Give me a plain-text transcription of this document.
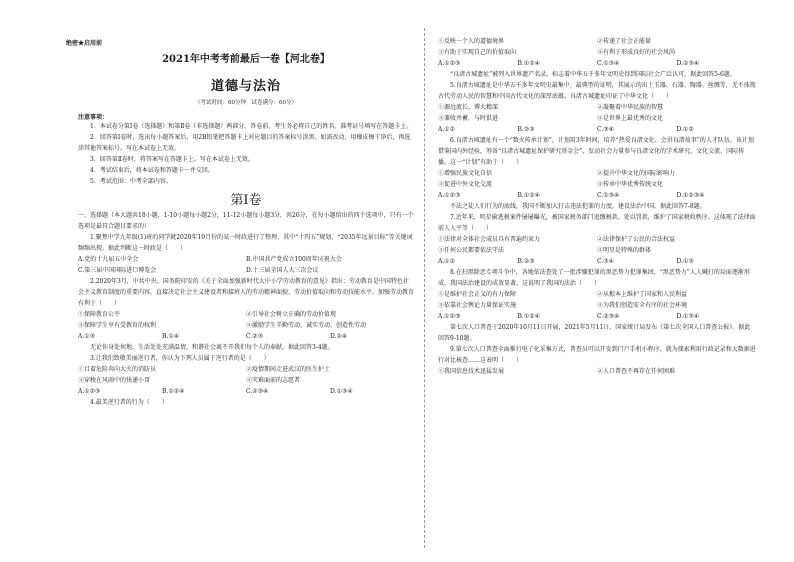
绝密★启用前
2021年中考考前最后一卷【河北卷】
道德与法治
（考试时间：60分钟　试卷满分：60分）
注意事项：
1．本试卷分第Ⅰ卷（选择题）和第Ⅱ卷（非选择题）两部分。答卷前，考生务必将自己的姓名、准考证号填写在答题卡上。
2．回答第Ⅰ卷时，选出每小题答案后，用2B铅笔把答题卡上对应题目的答案标号涂黑。如需改动，用橡皮擦干净后，再选涂其他答案标号。写在本试卷上无效。
3．回答第Ⅱ卷时，将答案写在答题卡上。写在本试卷上无效。
4．考试结束后，将本试卷和答题卡一并交回。
5．考试范围：中考全部内容。
第Ⅰ卷
一、选择题（本大题共18小题，1-10小题每小题2分，11-12小题每小题3分，共26分，在每小题给出的四个选项中，只有一个选项是最符合题目要求的）
1.聚焦中学九年级(1)班的同学就2020年10月份的某一时政进行了整理，其中“十四五”规划、“2035年远景目标”等关键词频频出现。据此判断这一时政是（　　）
A.党的十九届五中全会	B.中国共产党成立100周年庆祝大会
C.第三届中国国际进口博览会	D.十三届全国人大三次会议
2.2020年3月，中共中央、国务院印发的《关于全面加强新时代大中小学劳动教育的意见》指出：劳动教育是中国特色社会主义教育制度的重要内容，直接决定社会主义建设者和接班人的劳动精神面貌、劳动价值取向和劳动技能水平。加强劳动教育有利于（　　）
①保障教育公平	②引导社会树立正确的劳动价值观
③保障学生享有受教育的权利	④激励学生辛勤劳动、诚实劳动、创造性劳动
A.①③	B.①④	C.②③	D.②④
无论你身处何地，生活处处充满温情，和谐社会离不开我们每个人的奉献。据此回答3-4题。
3.让我们致敬美丽逆行者，你认为下列人员属于逆行者的是（　　）
①目着危险奔向大火的消防员	②疫情期间走进武汉的医生护士
③穿梭在风雨中的快递小哥	④灾难面前的志愿者
A.①②③	B.①②④	C.②③④	D.①③④
4.最美逆行者的行为（　　）
①反映一个人的道德境界	②传递了社会正能量
③有助于实现自己的价值取向	④有利于形成良好的社会风尚
A.①②③	B.①②④	C.①③④	D.②③④
“良渚古城遗址”被列入世界遗产名录，标志着中华五千多年文明史得到国际社会广泛认可。据此回答5-6题。
5.良渚古城遗址是中华五千多年文明史最集中、最典型的证明，其展示的出土玉器、石器、陶器、丝绸等，无不体现古代劳动人民的智慧和中国古代文化的深厚底蕴。良渚古城遗址印证了中华文化（　　）
①源远流长、博大精深	②凝聚着中华民族的智慧
③兼收并蓄，与时俱进	④是世界上最优秀的文化
A.①②	B.②③	C.③④	D.①②
6.良渚古城遗址有一个“数火传承计划”，计划用3年时间，培养“热爱良渚文化、会讲良渚故事”的人才队伍。该计划借鉴国内外经验，筹备“良渚古城遗址保护研究基金会”，发动社会力量参与良渚文化的学术研究、文化交流、国际传播。这一“计划”有助于（　　）
①增强民族文化自信	②提升中华文化的国际影响力
③促进中外文化交流	④传承中华优秀传统文化
A.①②③	B.①②④	C.①③④	D.①②③④
不法之徒人们行为的底线，我国不断加大打击违法犯罪的力度，建设法治中国。据此回答7-8题。
7.近年来，明星偷逃税案件屡屡曝光，被国家税务部门追缴税款、处以罚款，维护了国家税收秩序。这体现了法律面前人人平等（　　）
①法律对全体社会成员具有普遍约束力	②法律保护了公民的合法权益
③任何公民都要依法守法	④明星是特殊的群体
A.①②	B.②③	C.③④	D.①③
8.在扫黑除恶专项斗争中，各地依法查处了一批涉嫌犯罪的黑恶势力犯罪集团，“黑恶势力”人人喊打的局面逐渐形成，我国法治建设的成效显著，这说明了我国的法治（　　）
①是维护社会正义的有力保障	②从根本上维护了国家和人民利益
③依靠社会舆论力量保证实施	④为我们创造安全有序的社会环境
A.①②③	B.①②④	C.②③④	D.①③④
第七次人口普查于2020年10月11日开展，2021年5月11日，国家统计局发布《第七次全国人口普查公报》。据此回答9-10题。
9.第七次人口普查全面推行电子化采集方式，普查员可以开发到门户手机小程序，就为探索利用行政记录和大数据进行对比核查……这表明（　　）
①我国信息技术迅猛发展	②人口普查不再存在任何困难
